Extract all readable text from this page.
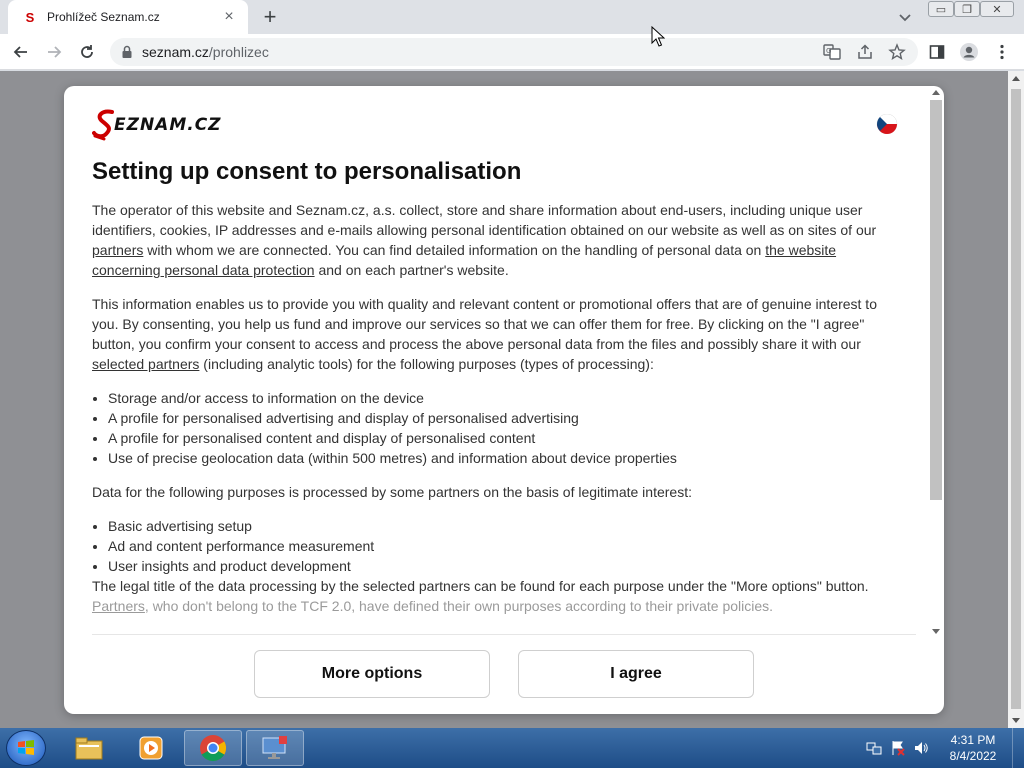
S	Prohlížeč Seznam.cz	× +	▭ ❐ ✕
seznam.cz/prohlizec	G
EZNAM.CZ
Setting up consent to personalisation

The operator of this website and Seznam.cz, a.s. collect, store and share information about end-users, including unique user identifiers, cookies, IP addresses and e-mails allowing personal identification obtained on our website as well as on sites of our partners with whom we are connected. You can find detailed information on the handling of personal data on the website concerning personal data protection and on each partner's website.

This information enables us to provide you with quality and relevant content or promotional offers that are of genuine interest to you. By consenting, you help us fund and improve our services so that we can offer them for free. By clicking on the "I agree" button, you confirm your consent to access and process the above personal data from the files and possibly share it with our selected partners (including analytic tools) for the following purposes (types of processing):

• Storage and/or access to information on the device
• A profile for personalised advertising and display of personalised advertising
• A profile for personalised content and display of personalised content
• Use of precise geolocation data (within 500 metres) and information about device properties

Data for the following purposes is processed by some partners on the basis of legitimate interest:

• Basic advertising setup
• Ad and content performance measurement
• User insights and product development
The legal title of the data processing by the selected partners can be found for each purpose under the "More options" button.
Partners, who don't belong to the TCF 2.0, have defined their own purposes according to their private policies.
More options	I agree
4:31 PM
8/4/2022
